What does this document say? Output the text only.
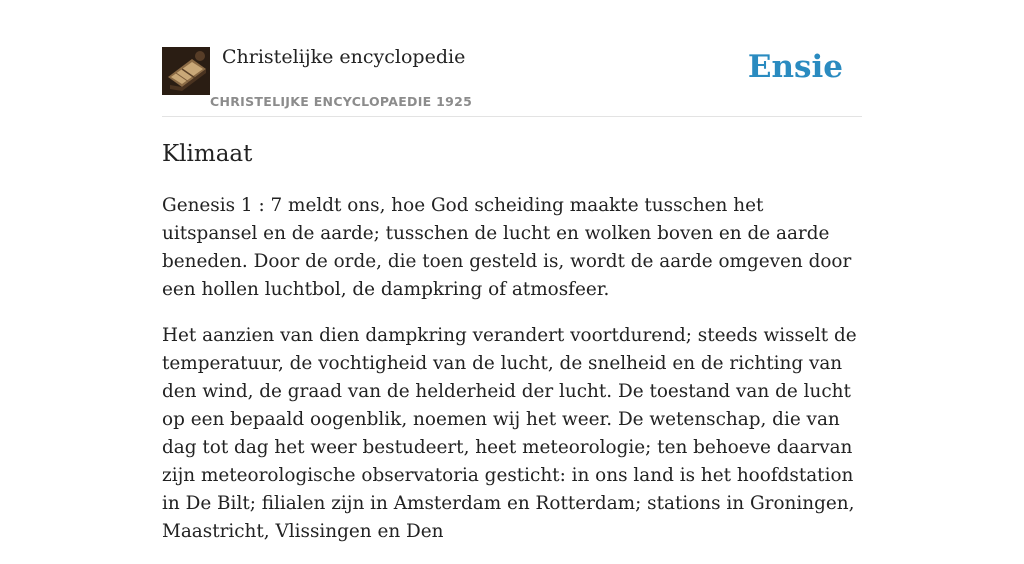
Christelijke encyclopedie
CHRISTELIJKE ENCYCLOPAEDIE 1925
Ensie
Klimaat

Genesis 1 : 7 meldt ons, hoe God scheiding maakte tusschen het uitspansel en de aarde; tusschen de lucht en wolken boven en de aarde beneden. Door de orde, die toen gesteld is, wordt de aarde omgeven door een hollen luchtbol, de dampkring of atmosfeer.

Het aanzien van dien dampkring verandert voortdurend; steeds wisselt de temperatuur, de vochtigheid van de lucht, de snelheid en de richting van den wind, de graad van de helderheid der lucht. De toestand van de lucht op een bepaald oogenblik, noemen wij het weer. De wetenschap, die van dag tot dag het weer bestudeert, heet meteorologie; ten behoeve daarvan zijn meteorologische observatoria gesticht: in ons land is het hoofdstation in De Bilt; filialen zijn in Amsterdam en Rotterdam; stations in Groningen, Maastricht, Vlissingen en Den
